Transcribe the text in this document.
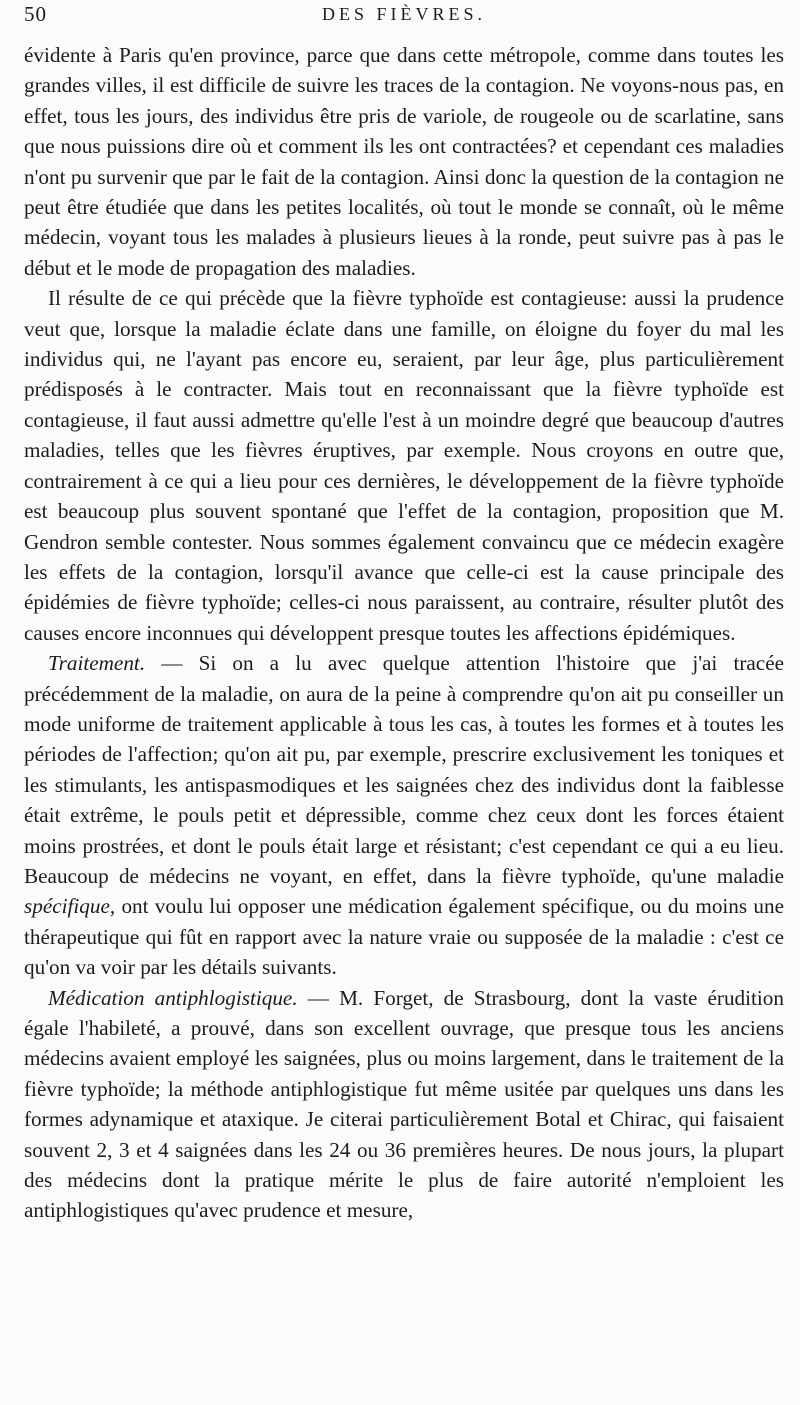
50	DES FIÈVRES.

évidente à Paris qu'en province, parce que dans cette métropole, comme dans toutes les grandes villes, il est difficile de suivre les traces de la contagion. Ne voyons-nous pas, en effet, tous les jours, des individus être pris de variole, de rougeole ou de scarlatine, sans que nous puissions dire où et comment ils les ont contractées? et cependant ces maladies n'ont pu survenir que par le fait de la contagion. Ainsi donc la question de la contagion ne peut être étudiée que dans les petites localités, où tout le monde se connaît, où le même médecin, voyant tous les malades à plusieurs lieues à la ronde, peut suivre pas à pas le début et le mode de propagation des maladies.

Il résulte de ce qui précède que la fièvre typhoïde est contagieuse: aussi la prudence veut que, lorsque la maladie éclate dans une famille, on éloigne du foyer du mal les individus qui, ne l'ayant pas encore eu, seraient, par leur âge, plus particulièrement prédisposés à le contracter. Mais tout en reconnaissant que la fièvre typhoïde est contagieuse, il faut aussi admettre qu'elle l'est à un moindre degré que beaucoup d'autres maladies, telles que les fièvres éruptives, par exemple. Nous croyons en outre que, contrairement à ce qui a lieu pour ces dernières, le développement de la fièvre typhoïde est beaucoup plus souvent spontané que l'effet de la contagion, proposition que M. Gendron semble contester. Nous sommes également convaincu que ce médecin exagère les effets de la contagion, lorsqu'il avance que celle-ci est la cause principale des épidémies de fièvre typhoïde; celles-ci nous paraissent, au contraire, résulter plutôt des causes encore inconnues qui développent presque toutes les affections épidémiques.

Traitement. — Si on a lu avec quelque attention l'histoire que j'ai tracée précédemment de la maladie, on aura de la peine à comprendre qu'on ait pu conseiller un mode uniforme de traitement applicable à tous les cas, à toutes les formes et à toutes les périodes de l'affection; qu'on ait pu, par exemple, prescrire exclusivement les toniques et les stimulants, les antispasmodiques et les saignées chez des individus dont la faiblesse était extrême, le pouls petit et dépressible, comme chez ceux dont les forces étaient moins prostrées, et dont le pouls était large et résistant; c'est cependant ce qui a eu lieu. Beaucoup de médecins ne voyant, en effet, dans la fièvre typhoïde, qu'une maladie spécifique, ont voulu lui opposer une médication également spécifique, ou du moins une thérapeutique qui fût en rapport avec la nature vraie ou supposée de la maladie : c'est ce qu'on va voir par les détails suivants.

Médication antiphlogistique. — M. Forget, de Strasbourg, dont la vaste érudition égale l'habileté, a prouvé, dans son excellent ouvrage, que presque tous les anciens médecins avaient employé les saignées, plus ou moins largement, dans le traitement de la fièvre typhoïde; la méthode antiphlogistique fut même usitée par quelques uns dans les formes adynamique et ataxique. Je citerai particulièrement Botal et Chirac, qui faisaient souvent 2, 3 et 4 saignées dans les 24 ou 36 premières heures. De nous jours, la plupart des médecins dont la pratique mérite le plus de faire autorité n'emploient les antiphlogistiques qu'avec prudence et mesure,
